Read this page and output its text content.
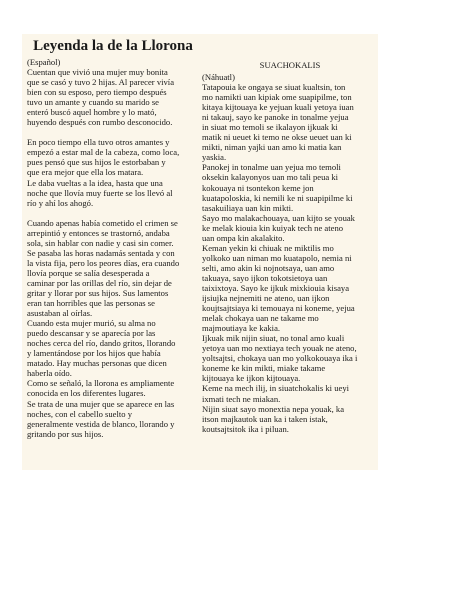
Leyenda la de la Llorona
(Español)

Cuentan que vivió una mujer muy bonita
que se casó y tuvo 2 hijas. Al parecer vivía
bien con su esposo, pero tiempo después
tuvo un amante y cuando su marido se
enteró buscó aquel hombre y lo mató,
huyendo después con rumbo desconocido.

En poco tiempo ella tuvo otros amantes y
empezó a estar mal de la cabeza, como loca,
pues pensó que sus hijos le estorbaban y
que era mejor que ella los matara.
Le daba vueltas a la idea, hasta que una
noche que llovía muy fuerte se los llevó al
río y ahí los ahogó.

Cuando apenas había cometido el crimen se
arrepintió y entonces se trastornó, andaba
sola, sin hablar con nadie y casi sin comer.
Se pasaba las horas nadamás sentada y con
la vista fija, pero los peores días, era cuando
llovía porque se salía desesperada a
caminar por las orillas del río, sin dejar de
gritar y llorar por sus hijos. Sus lamentos
eran tan horribles que las personas se
asustaban al oírlas.
Cuando esta mujer murió, su alma no
puedo descansar y se aparecía por las
noches cerca del río, dando gritos, llorando
y lamentándose por los hijos que había
matado. Hay muchas personas que dicen
haberla oído.
Como se señaló, la llorona es ampliamente
conocida en los diferentes lugares.
Se trata de una mujer que se aparece en las
noches, con el cabello suelto y
generalmente vestida de blanco, llorando y
gritando por sus hijos.

SUACHOKALIS
(Náhuatl)

Tatapouia ke ongaya se siuat kualtsin, ton
mo namikti uan kipiak ome suapipilme, ton
kitaya kijtouaya ke yejuan kuali yetoya iuan
ni takauj, sayo ke panoke in tonalme yejua
in siuat mo temoli se ikalayon ijkuak ki
matik ni ueuet ki temo ne okse ueuet uan ki
mikti, niman yajki uan amo ki matia kan
yaskia.
Panokej in tonalme uan yejua mo temoli
oksekin kalayonyos uan mo tali peua ki
kokouaya ni tsontekon keme jon
kuatapoloskia, ki nemili ke ni suapipilme ki
tasakuiliaya uan kin mikti.
Sayo mo malakachouaya, uan kijto se youak
ke melak kiouia kin kuiyak tech ne ateno
uan ompa kin akalakito.
Keman yekin ki chiuak ne miktilis mo
yolkoko uan niman mo kuatapolo, nemia ni
selti, amo akin ki nojnotsaya, uan amo
takuaya, sayo ijkon tokotsietoya uan
taixixtoya. Sayo ke ijkuk mixkiouia kisaya
ijsiujka nejnemiti ne ateno, uan ijkon
koujtsajtsiaya ki temouaya ni koneme, yejua
melak chokaya uan ne takame mo
majmoutiaya ke kakia.
Ijkuak mik nijin siuat, no tonal amo kuali
yetoya uan mo nextiaya tech youak ne ateno,
yoltsajtsi, chokaya uan mo yolkokouaya ika i
koneme ke kin mikti, miake takame
kijtouaya ke ijkon kijtouaya.
Keme na mech ilij, in siuatchokalis ki ueyi
ixmati tech ne miakan.
Nijin siuat sayo monextia nepa youak, ka
itson majkautok uan ka i taken istak,
koutsajtsitok ika i piluan.
